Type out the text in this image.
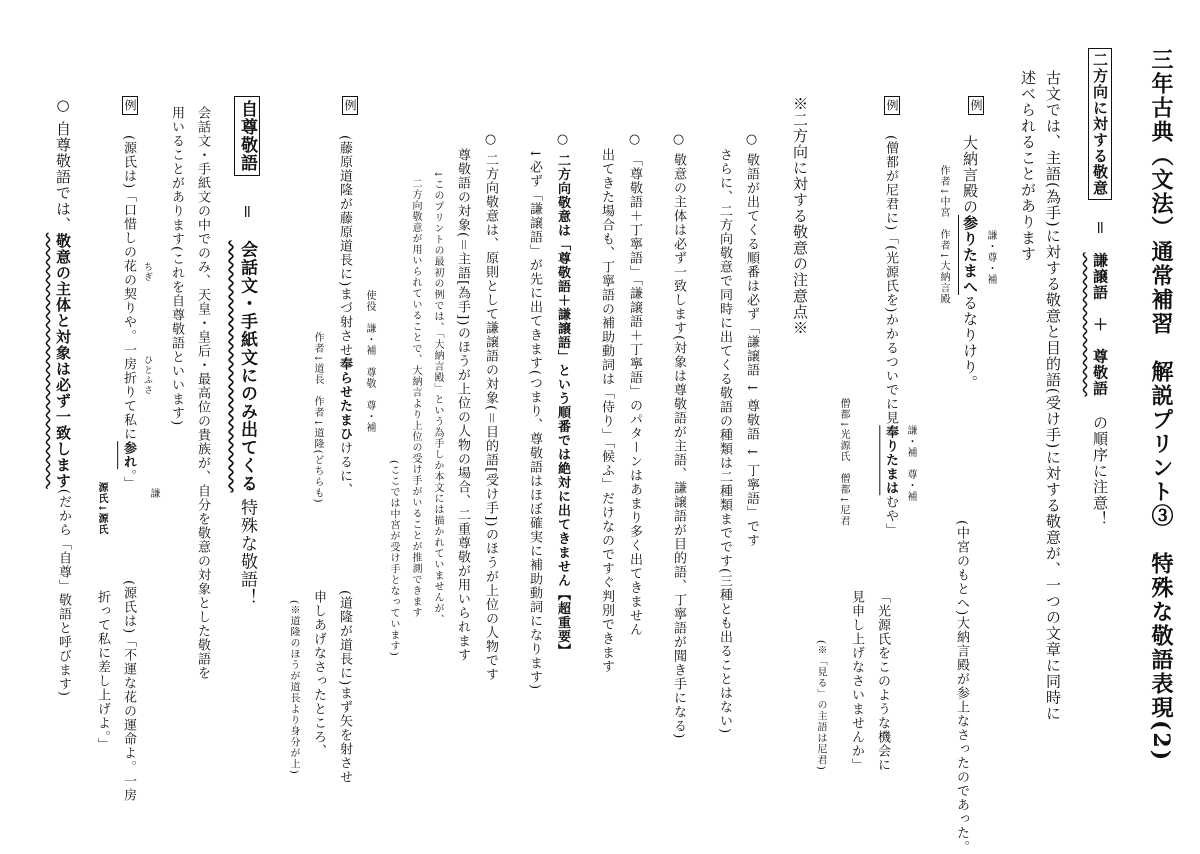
三年古典（文法）通常補習　解説プリント③　特殊な敬語表現(2)
二方向に対する敬意 ＝ 謙譲語　＋　尊敬語 の順序に注意！
古文では、主語(為手)に対する敬意と目的語(受け手)に対する敬意が、一つの文章に同時に
述べられることがあります
例
大納言殿の参りたまへるなりけり。
謙・尊・補
作者↓中宮　作者↓大納言殿
(中宮のもとへ)大納言殿が参上なさったのであった。
例
(僧都が尼君に)「(光源氏を)かかるついでに見奉りたまはむや」
謙・補　尊・補
僧都↓光源氏　僧都↓尼君
「光源氏をこのような機会に
見申し上げなさいませんか」
(※「見る」の主語は尼君)
※二方向に対する敬意の注意点※
○ 敬語が出てくる順番は必ず「謙譲語 ↓ 尊敬語 ↓ 丁寧語」です
さらに、二方向敬意で同時に出てくる敬語の種類は二種類までです(三種とも出ることはない)
○ 敬意の主体は必ず一致します(対象は尊敬語が主語、謙譲語が目的語、丁寧語が聞き手になる)
○ 「尊敬語＋丁寧語」「謙譲語＋丁寧語」のパターンはあまり多く出てきません
出てきた場合も、丁寧語の補助動詞は「侍り」「候ふ」だけなのですぐ判別できます
○ 二方向敬意は「尊敬語＋謙譲語」という順番では絶対に出てきません【超重要】
↓必ず「謙譲語」が先に出てきます(つまり、尊敬語はほぼ確実に補助動詞になります)
○ 二方向敬意は、原則として謙譲語の対象(＝目的語[受け手])のほうが上位の人物です
尊敬語の対象(＝主語[為手])のほうが上位の人物の場合、二重尊敬が用いられます
↓このプリントの最初の例では、「大納言殿」という為手しか本文には描かれていませんが、
二方向敬意が用いられていることで、大納言より上位の受け手がいることが推測できます
(ここでは中宮が受け手となっています)
例
(藤原道隆が藤原道長に)まづ射させ奉らせたまひけるに、
使役　謙・補　尊敬　尊・補
作者↓道長　作者↓道隆(どちらも)
(道隆が道長に)まず矢を射させ
申しあげなさったところ、
(※道隆のほうが道長より身分が上)
自尊敬語 ＝ 会話文・手紙文にのみ出てくる 特殊な敬語！
会話文・手紙文の中でのみ、天皇・皇后・最高位の貴族が、自分を敬意の対象とした敬語を
用いることがあります(これを自尊敬語といいます)
例
(源氏は)「口惜しの花の契りや。一房折りて私に参れ。」
ちぎ
ひとふさ
謙
源氏↓源氏
(源氏は)「不運な花の運命よ。一房
折って私に差し上げよ。」
○ 自尊敬語では、敬意の主体と対象は必ず一致します(だから「自尊」敬語と呼びます)
